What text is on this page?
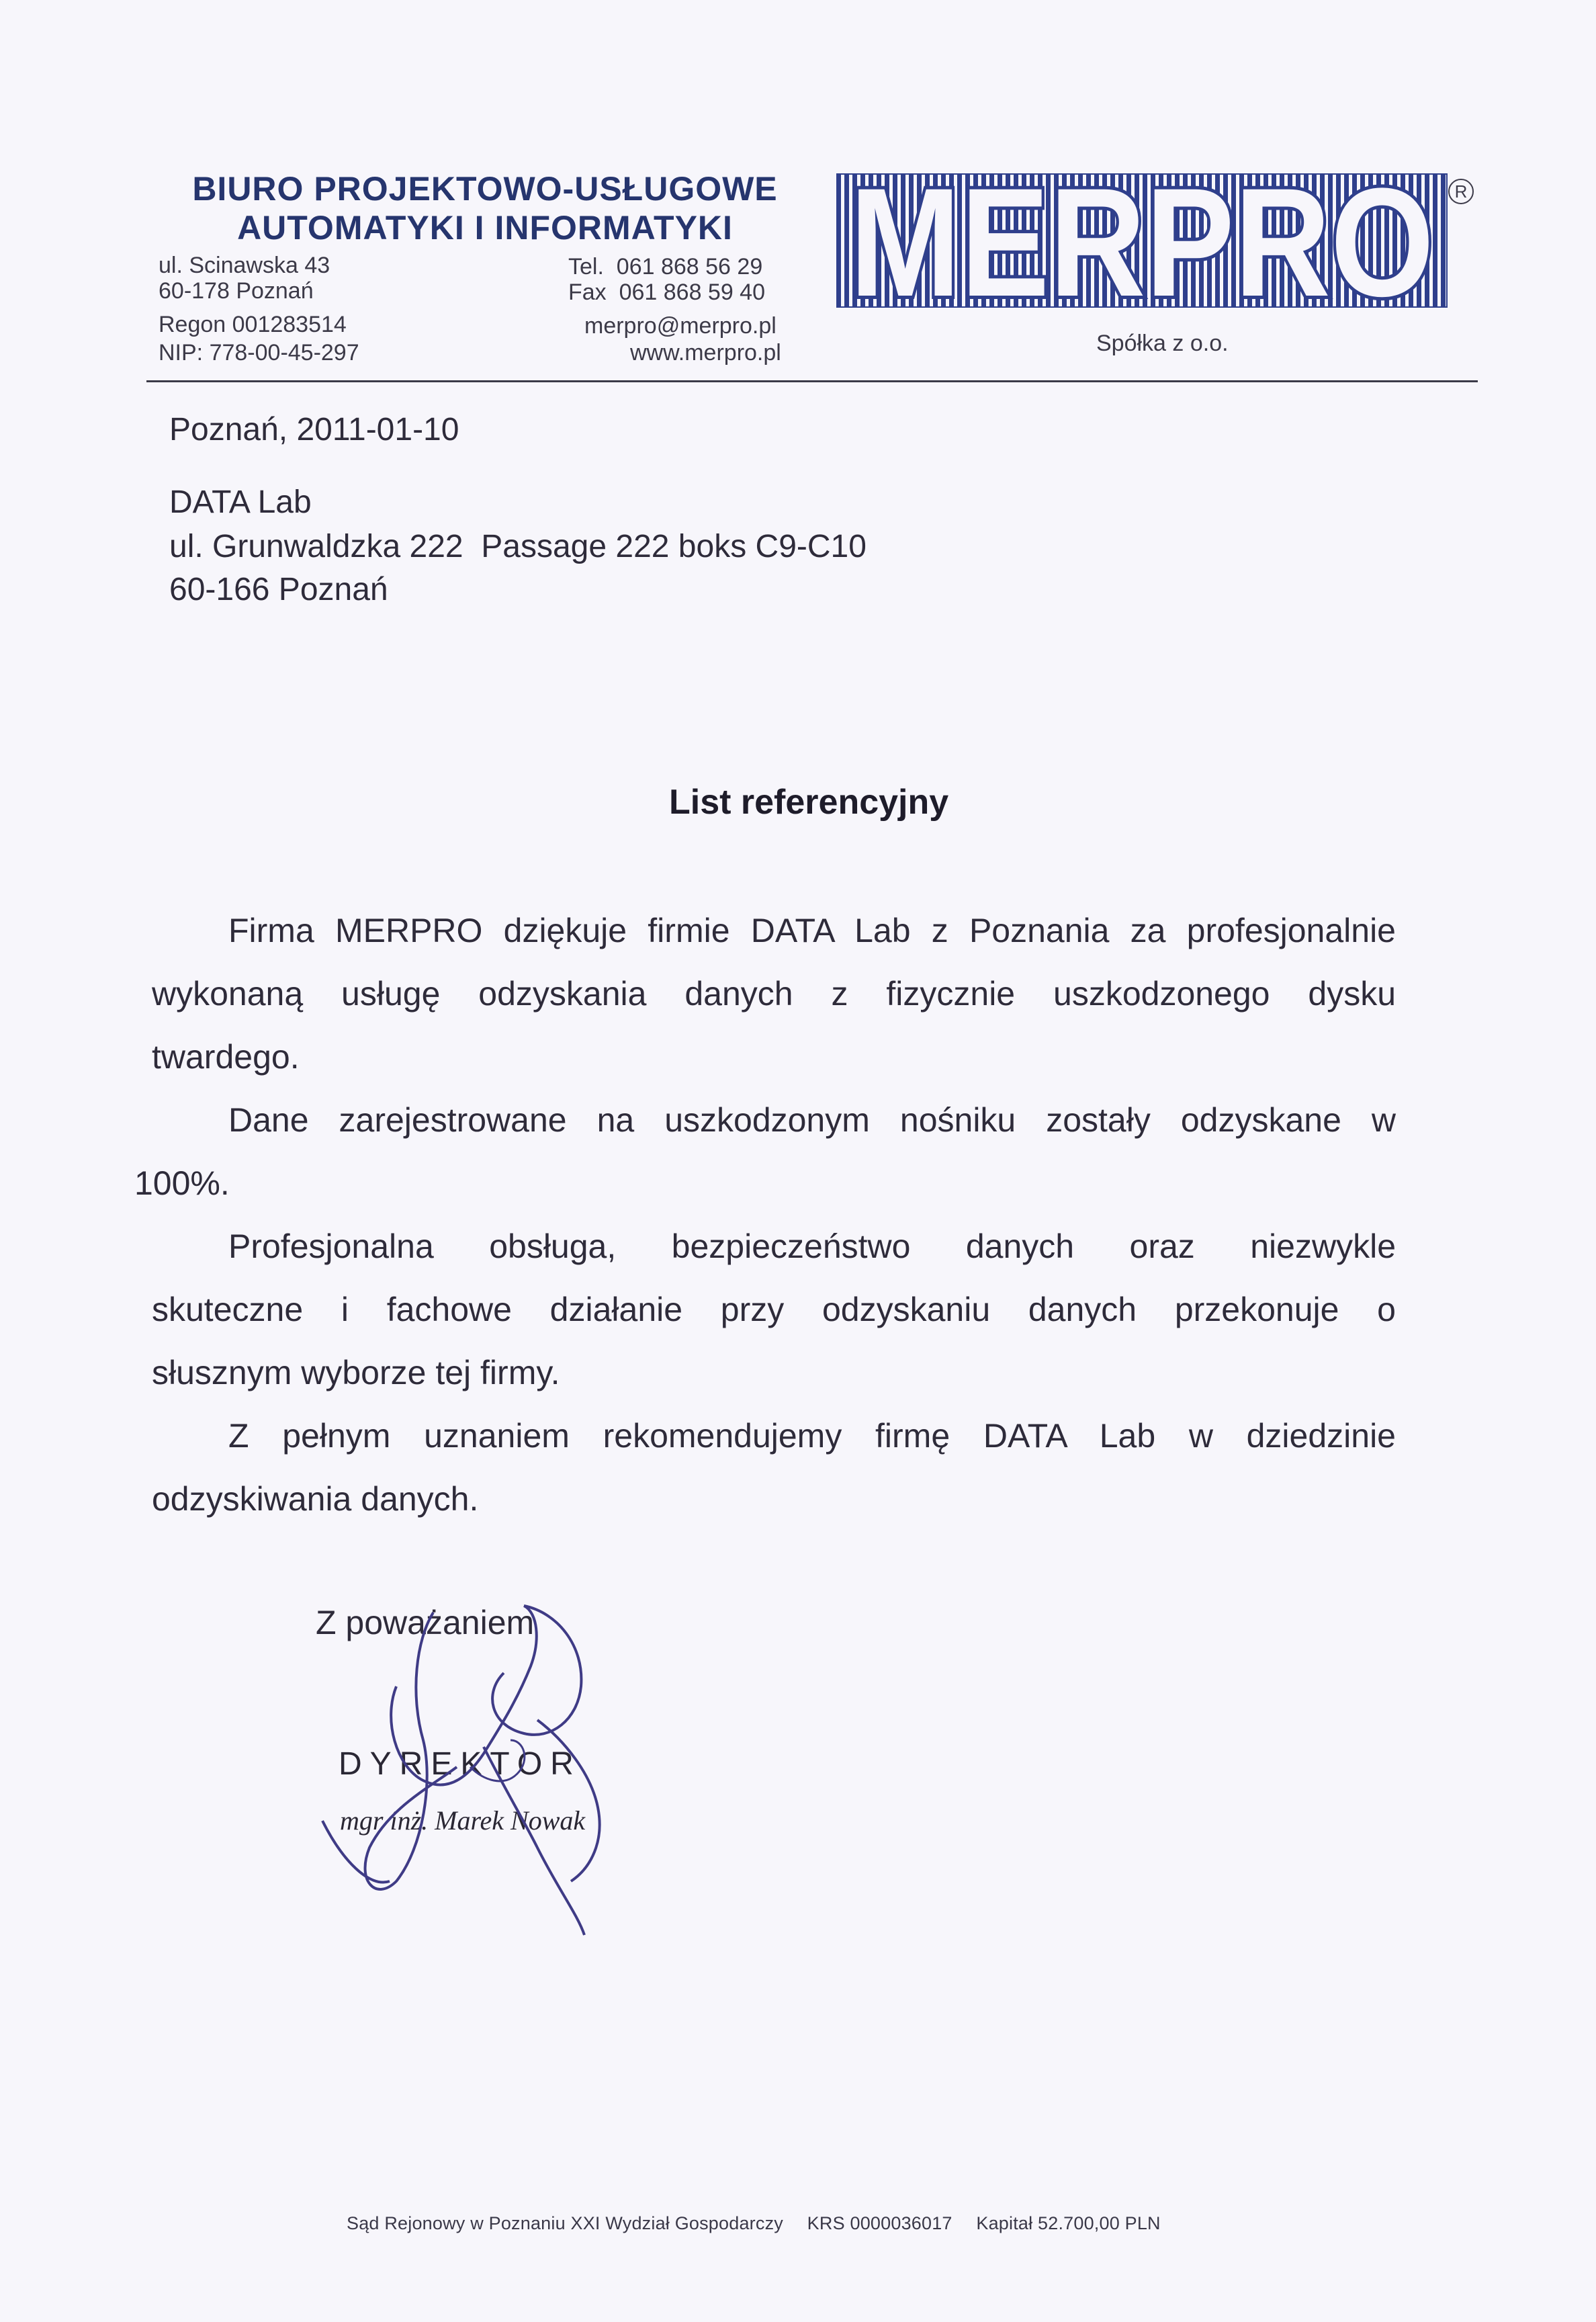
BIURO PROJEKTOWO-USŁUGOWE
AUTOMATYKI I INFORMATYKI
ul. Scinawska 43
60-178 Poznań
Regon 001283514
NIP: 778-00-45-297
Tel.  061 868 56 29
Fax  061 868 59 40
merpro@merpro.pl
www.merpro.pl
MERPRO	R
Spółka z o.o.
Poznań, 2011-01-10
DATA Lab
ul. Grunwaldzka 222  Passage 222 boks C9-C10
60-166 Poznań
List referencyjny
Firma MERPRO dziękuje firmie DATA Lab z Poznania za profesjonalnie
wykonaną usługę odzyskania danych z fizycznie uszkodzonego dysku
twardego.
Dane zarejestrowane na uszkodzonym nośniku zostały odzyskane w
100%.
Profesjonalna obsługa, bezpieczeństwo danych oraz niezwykle
skuteczne i fachowe działanie przy odzyskaniu danych przekonuje o
słusznym wyborze tej firmy.
Z pełnym uznaniem rekomendujemy firmę DATA Lab w dziedzinie
odzyskiwania danych.
Z poważaniem
DYREKTOR
mgr inż. Marek Nowak
Sąd Rejonowy w Poznaniu XXI Wydział Gospodarczy KRS 0000036017 Kapitał 52.700,00 PLN
